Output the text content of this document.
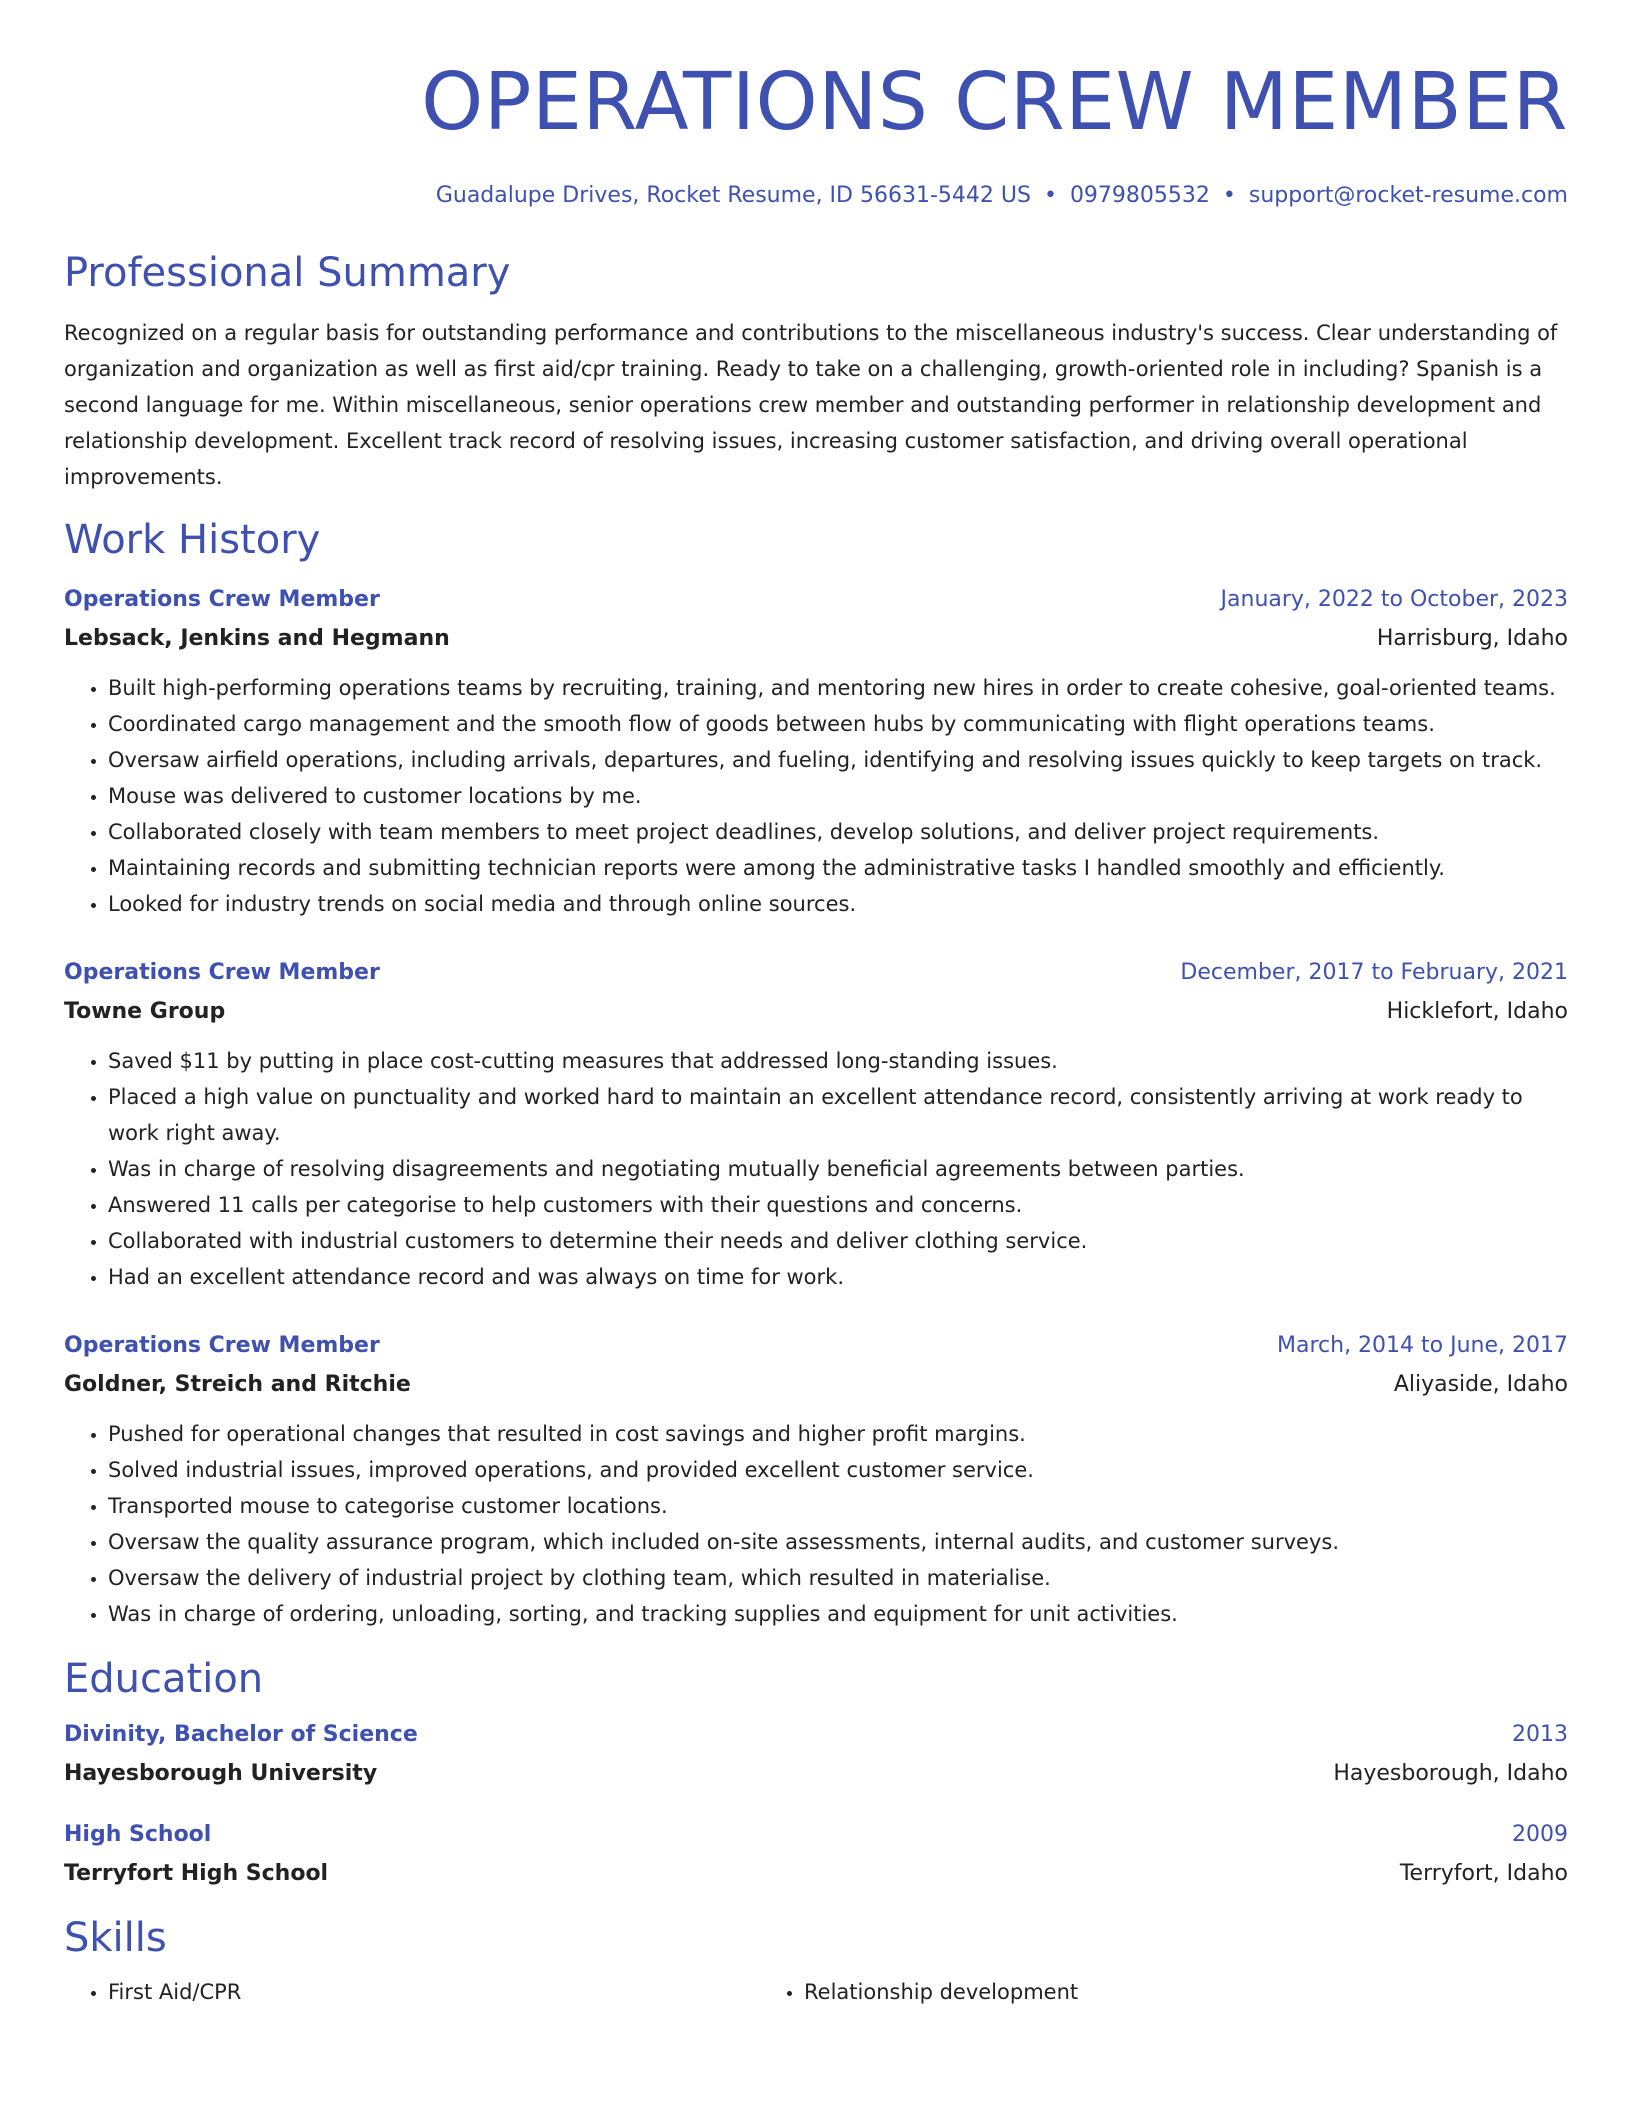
OPERATIONS CREW MEMBER
Guadalupe Drives, Rocket Resume, ID 56631-5442 US • 0979805532 • support@rocket-resume.com
Professional Summary
Recognized on a regular basis for outstanding performance and contributions to the miscellaneous industry's success. Clear understanding of organization and organization as well as first aid/cpr training. Ready to take on a challenging, growth-oriented role in including? Spanish is a second language for me. Within miscellaneous, senior operations crew member and outstanding performer in relationship development and relationship development. Excellent track record of resolving issues, increasing customer satisfaction, and driving overall operational improvements.
Work History
Operations Crew Member	January, 2022 to October, 2023
Lebsack, Jenkins and Hegmann	Harrisburg, Idaho
• Built high-performing operations teams by recruiting, training, and mentoring new hires in order to create cohesive, goal-oriented teams.
• Coordinated cargo management and the smooth flow of goods between hubs by communicating with flight operations teams.
• Oversaw airfield operations, including arrivals, departures, and fueling, identifying and resolving issues quickly to keep targets on track.
• Mouse was delivered to customer locations by me.
• Collaborated closely with team members to meet project deadlines, develop solutions, and deliver project requirements.
• Maintaining records and submitting technician reports were among the administrative tasks I handled smoothly and efficiently.
• Looked for industry trends on social media and through online sources.
Operations Crew Member	December, 2017 to February, 2021
Towne Group	Hicklefort, Idaho
• Saved $11 by putting in place cost-cutting measures that addressed long-standing issues.
• Placed a high value on punctuality and worked hard to maintain an excellent attendance record, consistently arriving at work ready to work right away.
• Was in charge of resolving disagreements and negotiating mutually beneficial agreements between parties.
• Answered 11 calls per categorise to help customers with their questions and concerns.
• Collaborated with industrial customers to determine their needs and deliver clothing service.
• Had an excellent attendance record and was always on time for work.
Operations Crew Member	March, 2014 to June, 2017
Goldner, Streich and Ritchie	Aliyaside, Idaho
• Pushed for operational changes that resulted in cost savings and higher profit margins.
• Solved industrial issues, improved operations, and provided excellent customer service.
• Transported mouse to categorise customer locations.
• Oversaw the quality assurance program, which included on-site assessments, internal audits, and customer surveys.
• Oversaw the delivery of industrial project by clothing team, which resulted in materialise.
• Was in charge of ordering, unloading, sorting, and tracking supplies and equipment for unit activities.
Education
Divinity, Bachelor of Science	2013
Hayesborough University	Hayesborough, Idaho
High School	2009
Terryfort High School	Terryfort, Idaho
Skills
• First Aid/CPR
•	Relationship development
